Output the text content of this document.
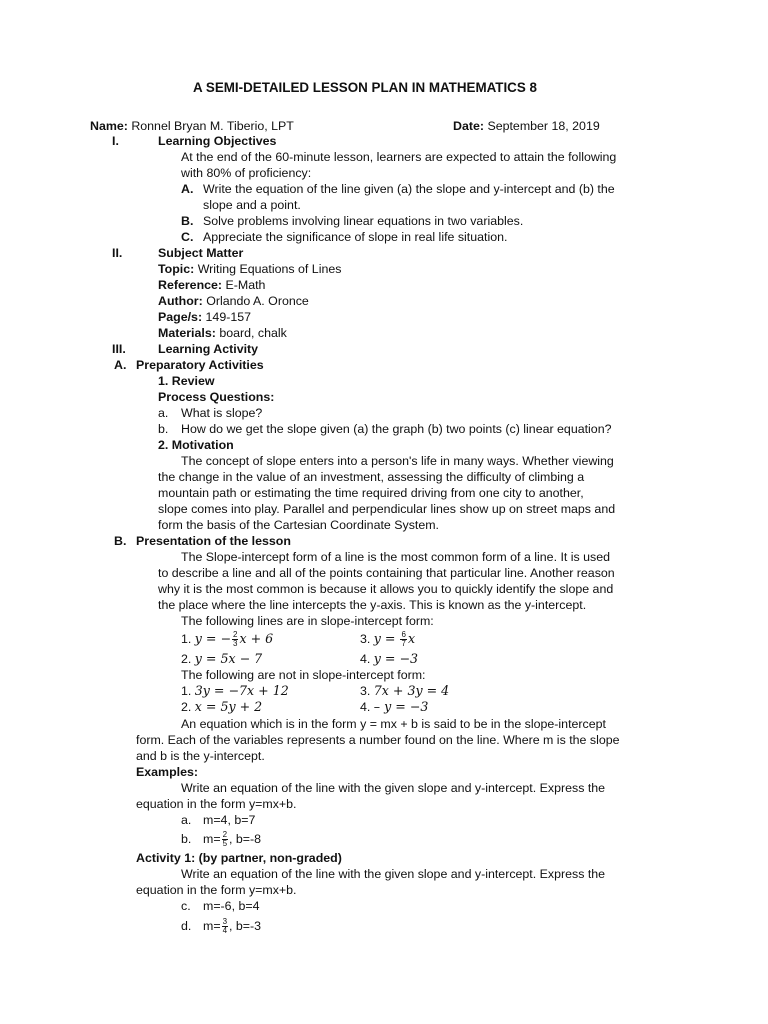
A SEMI-DETAILED LESSON PLAN IN MATHEMATICS 8
Name: Ronnel Bryan M. Tiberio, LPT	Date: September 18, 2019
I.	Learning Objectives
At the end of the 60-minute lesson, learners are expected to attain the following
with 80% of proficiency:
A. Write the equation of the line given (a) the slope and y-intercept and (b) the
slope and a point.
B. Solve problems involving linear equations in two variables.
C. Appreciate the significance of slope in real life situation.
II.	Subject Matter
Topic: Writing Equations of Lines
Reference: E-Math
Author: Orlando A. Oronce
Page/s: 149-157
Materials: board, chalk
III.	Learning Activity
A. Preparatory Activities
1. Review
Process Questions:
a. What is slope?
b. How do we get the slope given (a) the graph (b) two points (c) linear equation?
2. Motivation
The concept of slope enters into a person's life in many ways. Whether viewing
the change in the value of an investment, assessing the difficulty of climbing a
mountain path or estimating the time required driving from one city to another,
slope comes into play. Parallel and perpendicular lines show up on street maps and
form the basis of the Cartesian Coordinate System.
B. Presentation of the lesson
The Slope-intercept form of a line is the most common form of a line. It is used
to describe a line and all of the points containing that particular line. Another reason
why it is the most common is because it allows you to quickly identify the slope and
the place where the line intercepts the y-axis. This is known as the y-intercept.
The following lines are in slope-intercept form:
1. y = − $\frac{2}{3}$ x + 6	3. $y = \frac{6}{7}$ x
2. y = 5x − 7	4. y = −3
The following are not in slope-intercept form:
1. 3y = −7x + 12	3. 7x + 3y = 4
2. x = 5y + 2	4. – y = −3
An equation which is in the form y = mx + b is said to be in the slope-intercept
form. Each of the variables represents a number found on the line. Where m is the slope
and b is the y-intercept.
Examples:
Write an equation of the line with the given slope and y-intercept. Express the
equation in the form y=mx+b.
a. m=4, b=7
b. $m= \frac{2}{5}$ , b=-8
Activity 1: (by partner, non-graded)
Write an equation of the line with the given slope and y-intercept. Express the
equation in the form y=mx+b.
c. m=-6, b=4
d. $m= \frac{3}{4}$ , b=-3
